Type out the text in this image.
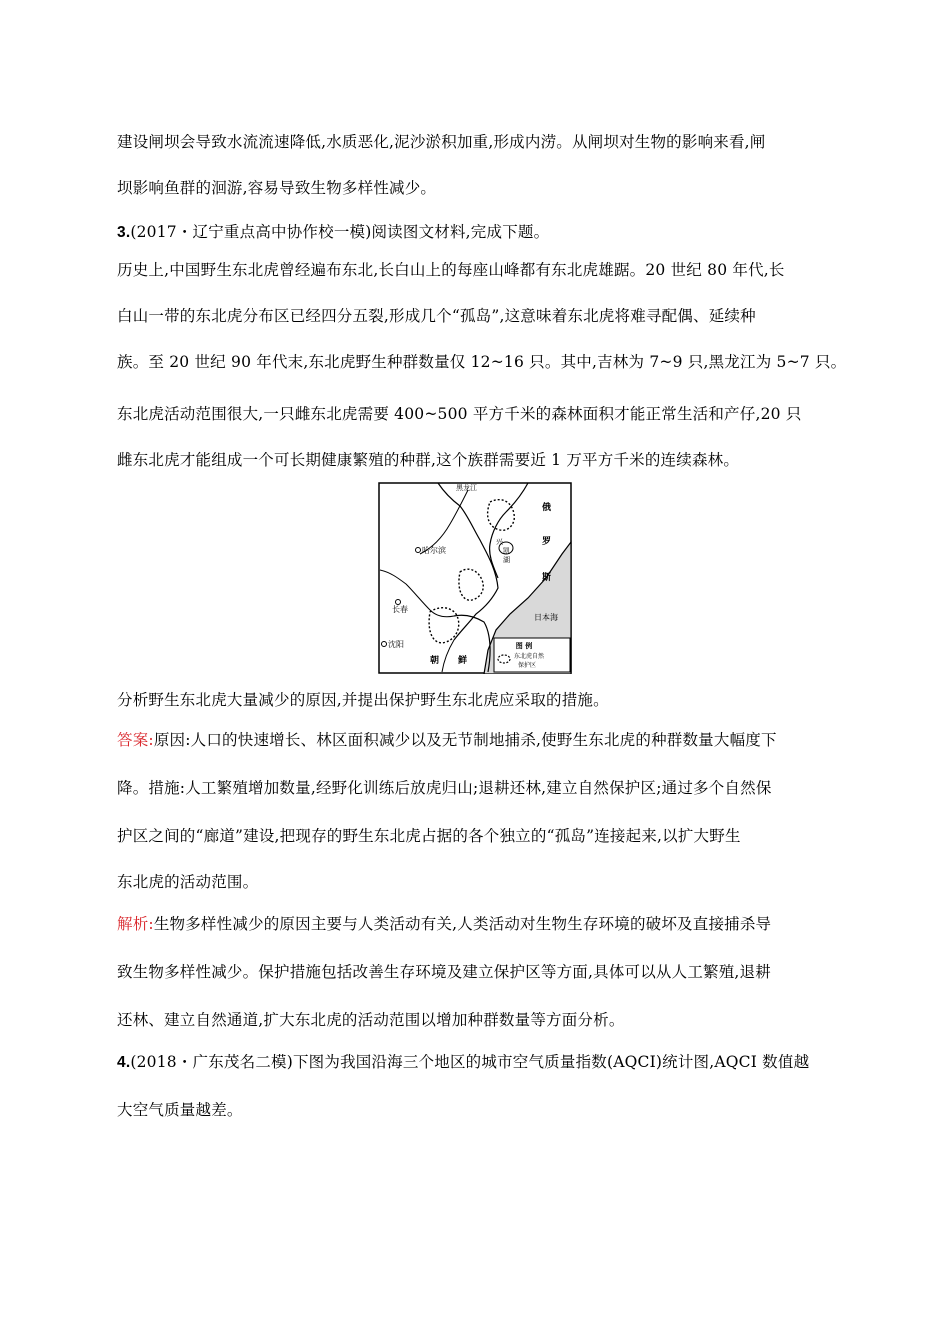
建设闸坝会导致水流流速降低,水质恶化,泥沙淤积加重,形成内涝。从闸坝对生物的影响来看,闸
坝影响鱼群的洄游,容易导致生物多样性减少。
3.(2017・辽宁重点高中协作校一模)阅读图文材料,完成下题。
历史上,中国野生东北虎曾经遍布东北,长白山上的每座山峰都有东北虎雄踞。20 世纪 80 年代,长
白山一带的东北虎分布区已经四分五裂,形成几个“孤岛”,这意味着东北虎将难寻配偶、延续种
族。至 20 世纪 90 年代末,东北虎野生种群数量仅 12~16 只。其中,吉林为 7~9 只,黑龙江为 5~7 只。
东北虎活动范围很大,一只雌东北虎需要 400~500 平方千米的森林面积才能正常生活和产仔,20 只
雌东北虎才能组成一个可长期健康繁殖的种群,这个族群需要近 1 万平方千米的连续森林。
黑龙江
哈尔滨
长春
沈阳
俄
罗
斯
日本海
朝 鲜
兴
凯
湖
图 例
东北虎自然
保护区
分析野生东北虎大量减少的原因,并提出保护野生东北虎应采取的措施。
答案:原因:人口的快速增长、林区面积减少以及无节制地捕杀,使野生东北虎的种群数量大幅度下
降。措施:人工繁殖增加数量,经野化训练后放虎归山;退耕还林,建立自然保护区;通过多个自然保
护区之间的“廊道”建设,把现存的野生东北虎占据的各个独立的“孤岛”连接起来,以扩大野生
东北虎的活动范围。
解析:生物多样性减少的原因主要与人类活动有关,人类活动对生物生存环境的破坏及直接捕杀导
致生物多样性减少。保护措施包括改善生存环境及建立保护区等方面,具体可以从人工繁殖,退耕
还林、建立自然通道,扩大东北虎的活动范围以增加种群数量等方面分析。
4.(2018・广东茂名二模)下图为我国沿海三个地区的城市空气质量指数(AQCI)统计图,AQCI 数值越
大空气质量越差。
